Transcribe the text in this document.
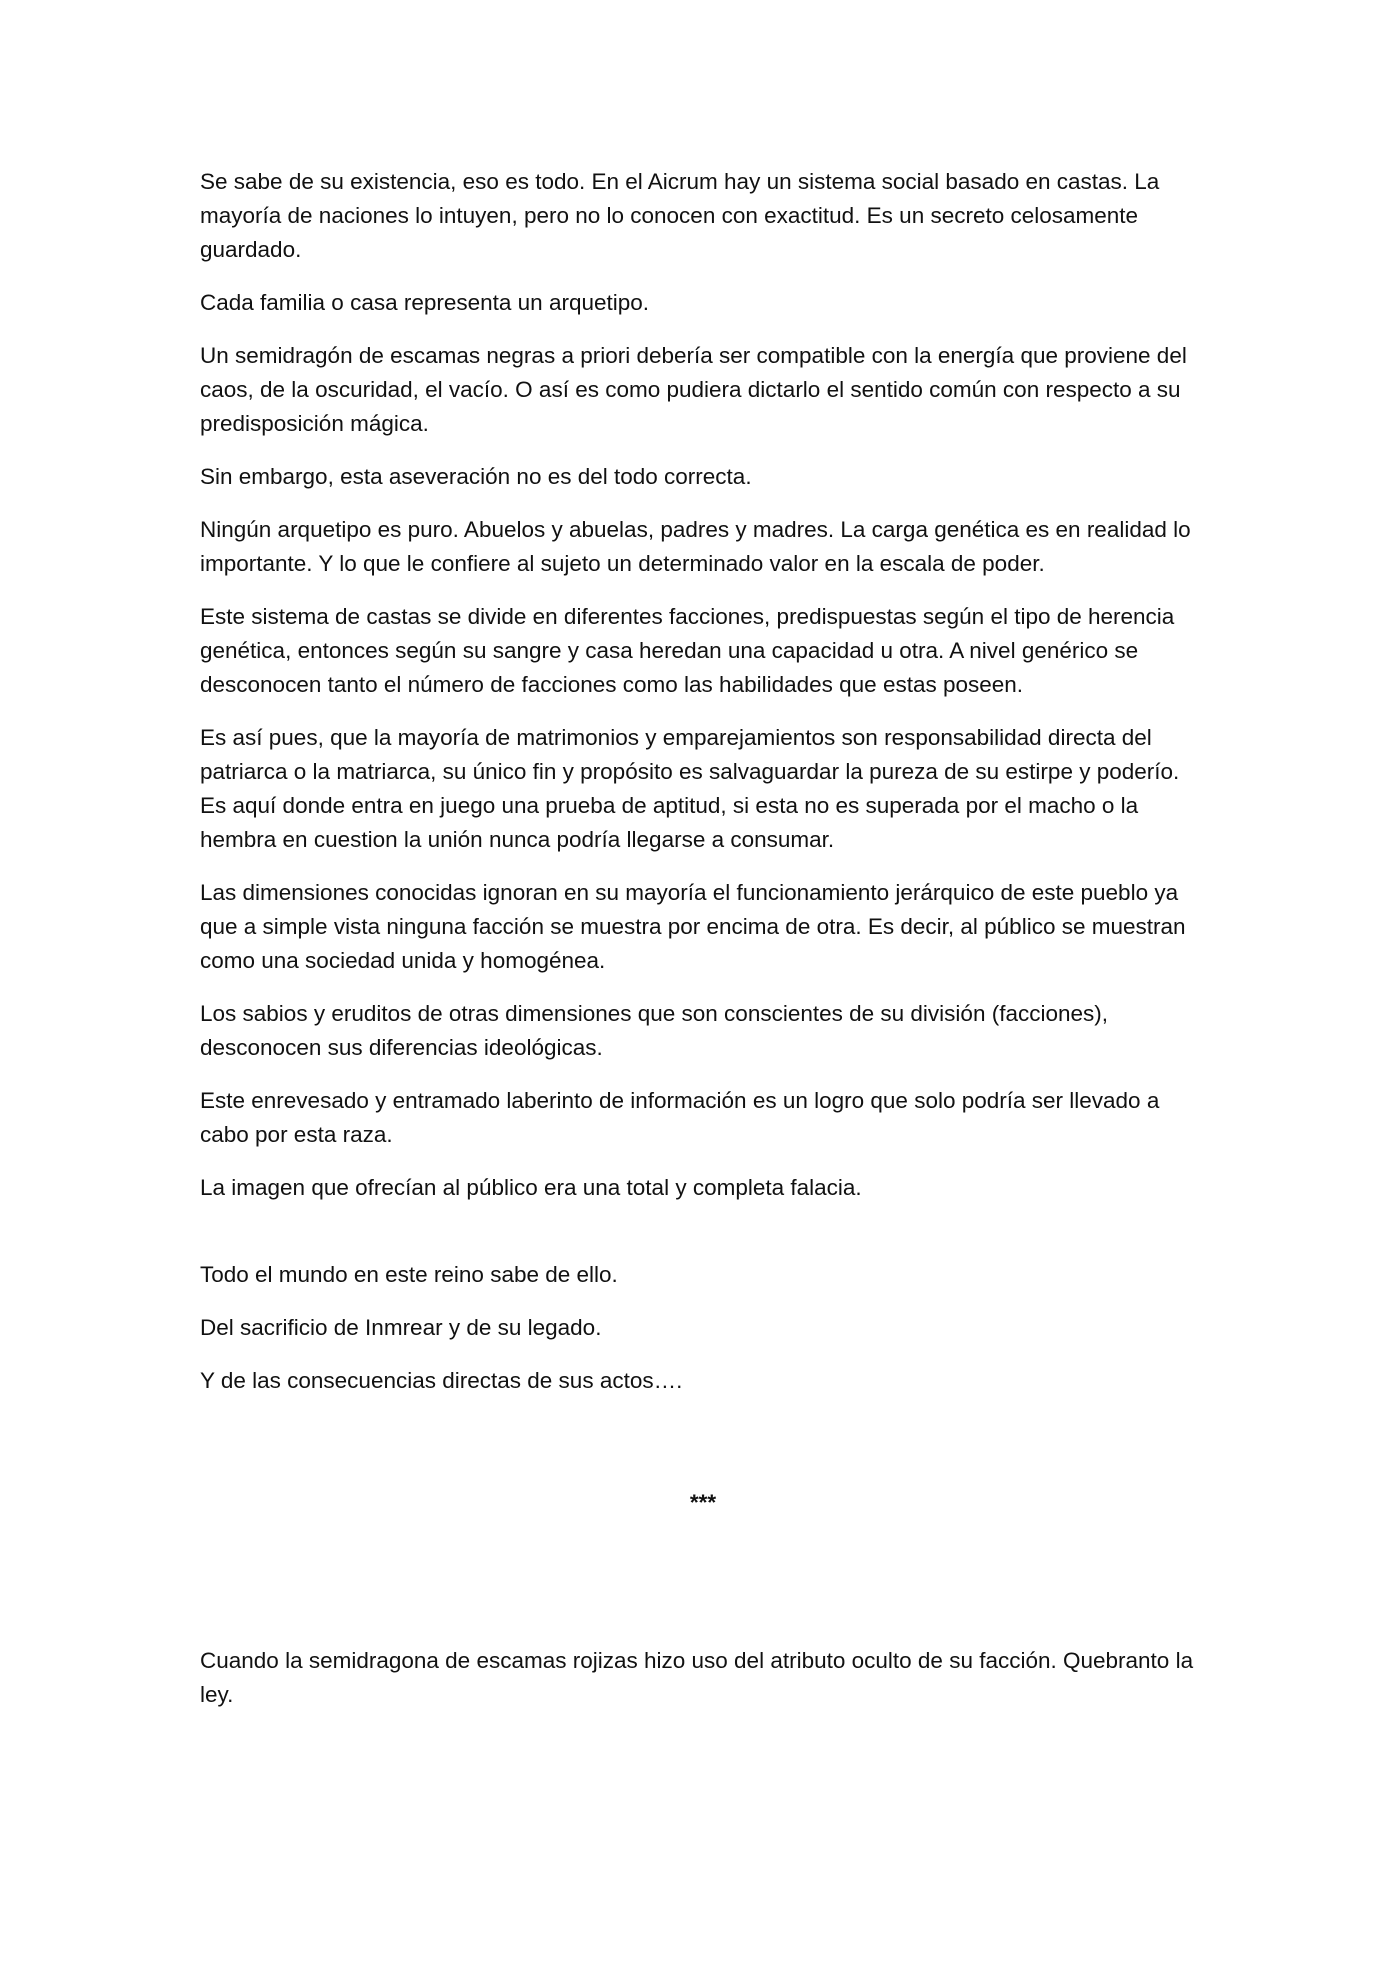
Se sabe de su existencia, eso es todo. En el Aicrum hay un sistema social basado en castas. La mayoría de naciones lo intuyen, pero no lo conocen con exactitud. Es un secreto celosamente guardado.

Cada familia o casa representa un arquetipo.

Un semidragón de escamas negras a priori debería ser compatible con la energía que proviene del caos, de la oscuridad, el vacío. O así es como pudiera dictarlo el sentido común con respecto a su predisposición mágica.

Sin embargo, esta aseveración no es del todo correcta.

Ningún arquetipo es puro. Abuelos y abuelas, padres y madres. La carga genética es en realidad lo importante. Y lo que le confiere al sujeto un determinado valor en la escala de poder.

Este sistema de castas se divide en diferentes facciones, predispuestas según el tipo de herencia genética, entonces según su sangre y casa heredan una capacidad u otra. A nivel genérico se desconocen tanto el número de facciones como las habilidades que estas poseen.

Es así pues, que la mayoría de matrimonios y emparejamientos son responsabilidad directa del patriarca o la matriarca, su único fin y propósito es salvaguardar la pureza de su estirpe y poderío. Es aquí donde entra en juego una prueba de aptitud, si esta no es superada por el macho o la hembra en cuestion la unión nunca podría llegarse a consumar.

Las dimensiones conocidas ignoran en su mayoría el funcionamiento jerárquico de este pueblo ya que a simple vista ninguna facción se muestra por encima de otra. Es decir, al público se muestran como una sociedad unida y homogénea.

Los sabios y eruditos de otras dimensiones que son conscientes de su división (facciones), desconocen sus diferencias ideológicas.

Este enrevesado y entramado laberinto de información es un logro que solo podría ser llevado a cabo por esta raza.

La imagen que ofrecían al público era una total y completa falacia.

Todo el mundo en este reino sabe de ello.

Del sacrificio de Inmrear y de su legado.

Y de las consecuencias directas de sus actos….

***

Cuando la semidragona de escamas rojizas hizo uso del atributo oculto de su facción. Quebranto la ley.
